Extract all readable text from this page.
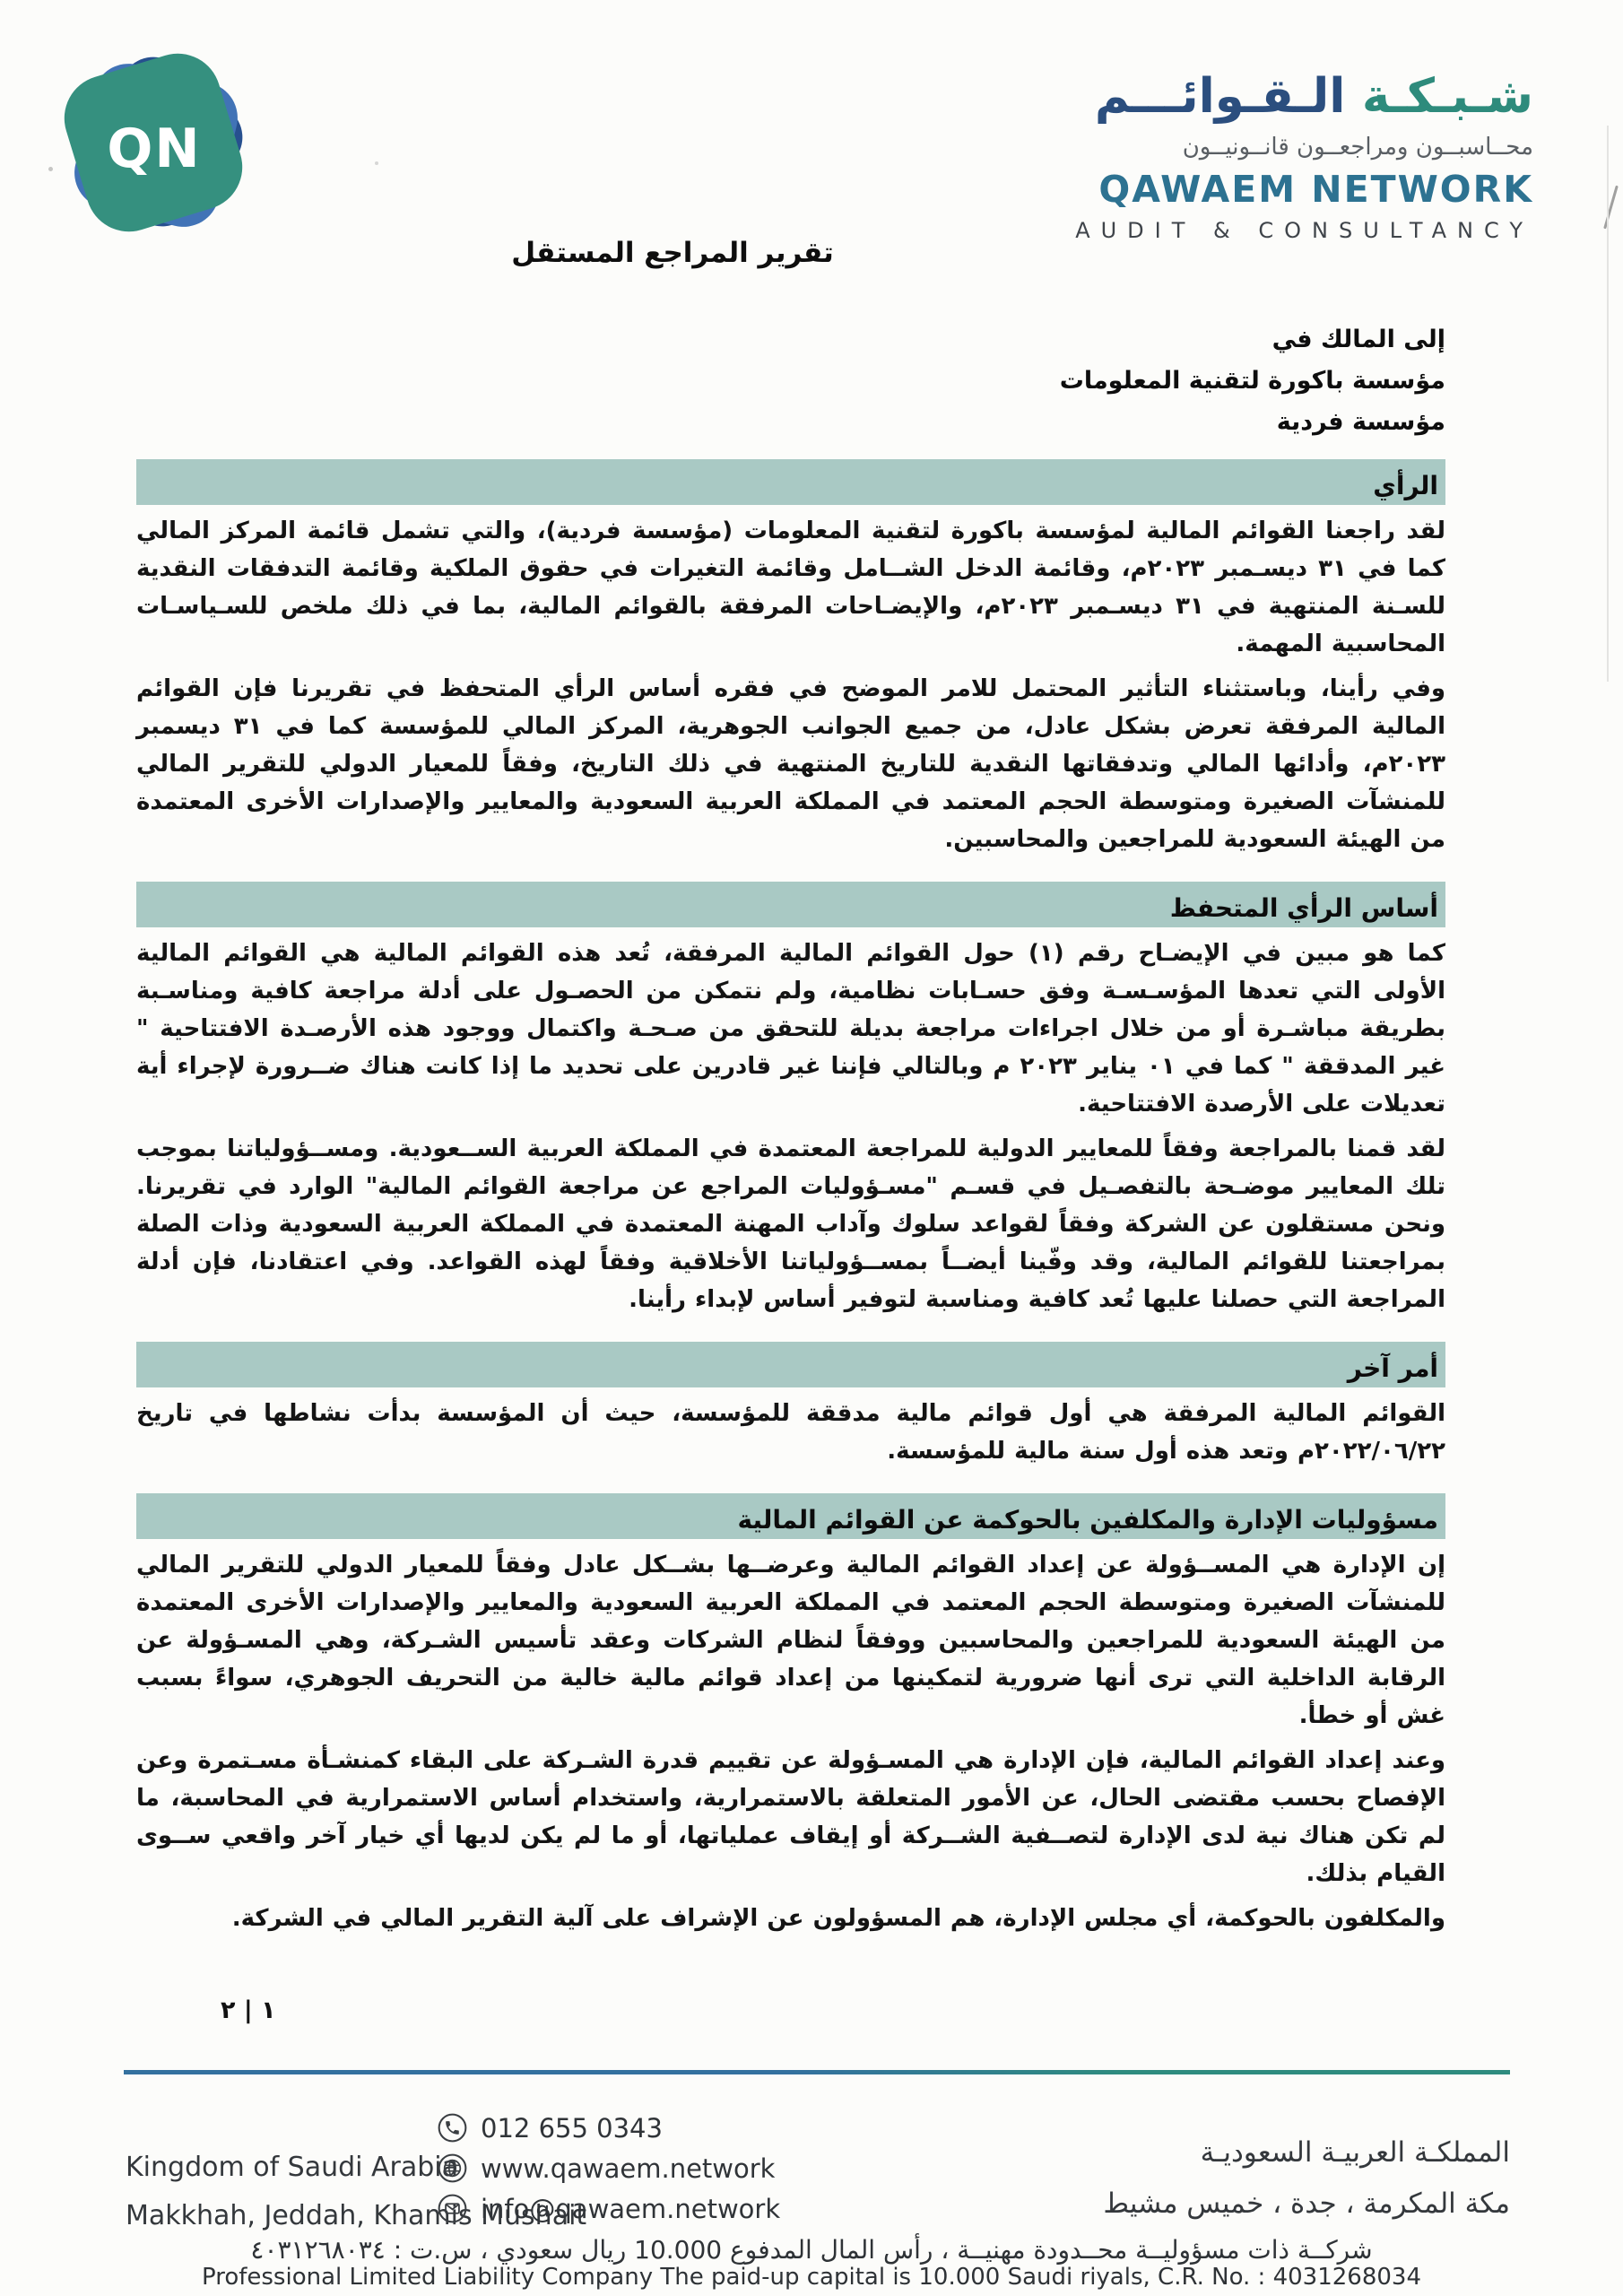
QN
شـبـكـة الـقـوائـــم
محــاسبــون ومراجعــون قانــونيــون
QAWAEM NETWORK
AUDIT & CONSULTANCY
تقرير المراجع المستقل
إلى المالك في
مؤسسة باكورة لتقنية المعلومات
مؤسسة فردية
الرأي

لقد راجعنا القوائم المالية لمؤسسة باكورة لتقنية المعلومات (مؤسسة فردية)، والتي تشمل قائمة المركز المالي كما في ٣١ ديسـمبر ٢٠٢٣م، وقائمة الدخل الشــامل وقائمة التغيرات في حقوق الملكية وقائمة التدفقات النقدية للسـنة المنتهية في ٣١ ديسـمبر ٢٠٢٣م، والإيضـاحات المرفقة بالقوائم المالية، بما في ذلك ملخص للسـياسـات المحاسبية المهمة.

وفي رأينا، وباستثناء التأثير المحتمل للامر الموضح في فقره أساس الرأي المتحفظ في تقريرنا فإن القوائم المالية المرفقة تعرض بشكل عادل، من جميع الجوانب الجوهرية، المركز المالي للمؤسسة كما في ٣١ ديسمبر ٢٠٢٣م، وأدائها المالي وتدفقاتها النقدية للتاريخ المنتهية في ذلك التاريخ، وفقاً للمعيار الدولي للتقرير المالي للمنشآت الصغيرة ومتوسطة الحجم المعتمد في المملكة العربية السعودية والمعايير والإصدارات الأخرى المعتمدة من الهيئة السعودية للمراجعين والمحاسبين.

أساس الرأي المتحفظ

كما هو مبين في الإيضـاح رقم (١) حول القوائم المالية المرفقة، تُعد هذه القوائم المالية هي القوائم المالية الأولى التي تعدها المؤسـسـة وفق حسـابات نظامية، ولم نتمكن من الحصـول على أدلة مراجعة كافية ومناسـبة بطريقة مباشـرة أو من خلال اجراءات مراجعة بديلة للتحقق من صـحـة واكتمال ووجود هذه الأرصـدة الافتتاحية " غير المدققة " كما في ٠١ يناير ٢٠٢٣ م وبالتالي فإننا غير قادرين على تحديد ما إذا كانت هناك ضــرورة لإجراء أية تعديلات على الأرصدة الافتتاحية.

لقد قمنا بالمراجعة وفقاً للمعايير الدولية للمراجعة المعتمدة في المملكة العربية الســعودية. ومســؤولياتنا بموجب تلك المعايير موضـحة بالتفصـيل في قسـم "مسـؤوليات المراجع عن مراجعة القوائم المالية" الوارد في تقريرنا. ونحن مستقلون عن الشركة وفقاً لقواعد سلوك وآداب المهنة المعتمدة في المملكة العربية السعودية وذات الصلة بمراجعتنا للقوائم المالية، وقد وفّينا أيضــاً بمســؤولياتنا الأخلاقية وفقاً لهذه القواعد. وفي اعتقادنا، فإن أدلة المراجعة التي حصلنا عليها تُعد كافية ومناسبة لتوفير أساس لإبداء رأينا.

أمر آخر

القوائم المالية المرفقة هي أول قوائم مالية مدققة للمؤسسة، حيث أن المؤسسة بدأت نشاطها في تاريخ ٢٠٢٢/٠٦/٢٢م وتعد هذه أول سنة مالية للمؤسسة.

مسؤوليات الإدارة والمكلفين بالحوكمة عن القوائم المالية

إن الإدارة هي المســؤولة عن إعداد القوائم المالية وعرضــها بشــكل عادل وفقاً للمعيار الدولي للتقرير المالي للمنشآت الصغيرة ومتوسطة الحجم المعتمد في المملكة العربية السعودية والمعايير والإصدارات الأخرى المعتمدة من الهيئة السعودية للمراجعين والمحاسبين ووفقاً لنظام الشركات وعقد تأسيس الشـركة، وهي المسـؤولة عن الرقابة الداخلية التي ترى أنها ضرورية لتمكينها من إعداد قوائم مالية خالية من التحريف الجوهري، سواءً بسبب غش أو خطأ.

وعند إعداد القوائم المالية، فإن الإدارة هي المسـؤولة عن تقييم قدرة الشـركة على البقاء كمنشـأة مسـتمرة وعن الإفصاح بحسب مقتضى الحال، عن الأمور المتعلقة بالاستمرارية، واستخدام أساس الاستمرارية في المحاسبة، ما لم تكن هناك نية لدى الإدارة لتصــفية الشــركة أو إيقاف عملياتها، أو ما لم يكن لديها أي خيار آخر واقعي ســوى القيام بذلك.

والمكلفون بالحوكمة، أي مجلس الإدارة، هم المسؤولون عن الإشراف على آلية التقرير المالي في الشركة.

١ | ٢
Kingdom of Saudi Arabia
Makkhah, Jeddah, Khamis Mushait
012 655 0343
www.qawaem.network
info@qawaem.network
المملكـة العربيـة السعوديـة
مكة المكرمة ، جدة ، خميس مشيط
شركــة ذات مسؤوليــة محــدودة مهنيــة ، رأس المال المدفوع 10.000 ريال سعودي ، س.ت : ٤٠٣١٢٦٨٠٣٤
Professional Limited Liability Company The paid-up capital is 10.000 Saudi riyals, C.R. No. : 4031268034
